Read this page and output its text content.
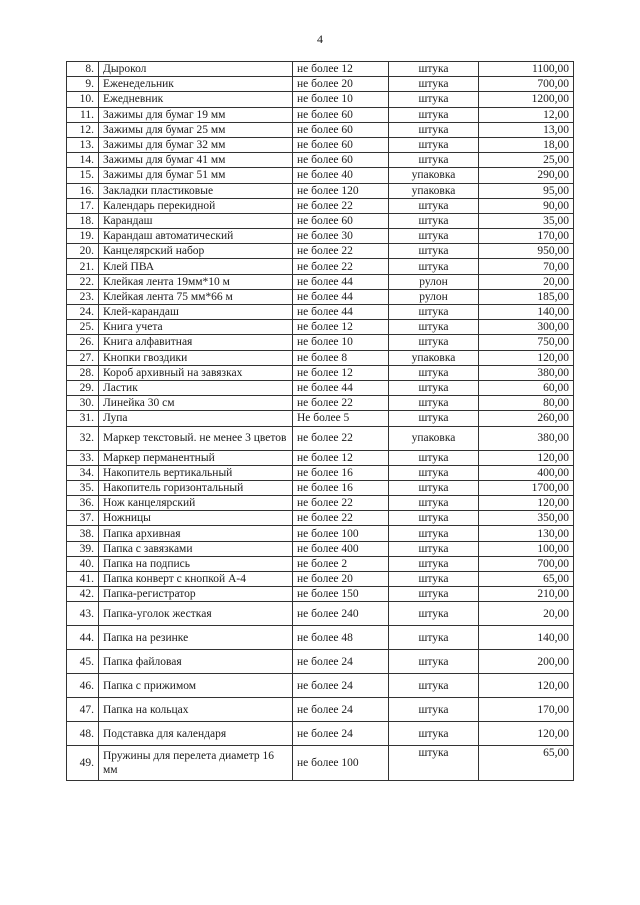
4
8.	Дырокол	не более 12	штука	1100,00
9.	Еженедельник	не более 20	штука	700,00
10.	Ежедневник	не более 10	штука	1200,00
11.	Зажимы для бумаг 19 мм	не более 60	штука	12,00
12.	Зажимы для бумаг 25 мм	не более 60	штука	13,00
13.	Зажимы для бумаг 32 мм	не более 60	штука	18,00
14.	Зажимы для бумаг 41 мм	не более 60	штука	25,00
15.	Зажимы для бумаг 51 мм	не более 40	упаковка	290,00
16.	Закладки пластиковые	не более 120	упаковка	95,00
17.	Календарь перекидной	не более 22	штука	90,00
18.	Карандаш	не более 60	штука	35,00
19.	Карандаш автоматический	не более 30	штука	170,00
20.	Канцелярский набор	не более 22	штука	950,00
21.	Клей ПВА	не более 22	штука	70,00
22.	Клейкая лента 19мм*10 м	не более 44	рулон	20,00
23.	Клейкая лента 75 мм*66 м	не более 44	рулон	185,00
24.	Клей-карандаш	не более 44	штука	140,00
25.	Книга учета	не более 12	штука	300,00
26.	Книга алфавитная	не более 10	штука	750,00
27.	Кнопки гвоздики	не более 8	упаковка	120,00
28.	Короб архивный на завязках	не более 12	штука	380,00
29.	Ластик	не более 44	штука	60,00
30.	Линейка 30 см	не более 22	штука	80,00
31.	Лупа	Не более 5	штука	260,00
32.	Маркер текстовый. не менее 3 цветов	не более 22	упаковка	380,00
33.	Маркер перманентный	не более 12	штука	120,00
34.	Накопитель вертикальный	не более 16	штука	400,00
35.	Накопитель горизонтальный	не более 16	штука	1700,00
36.	Нож канцелярский	не более 22	штука	120,00
37.	Ножницы	не более 22	штука	350,00
38.	Папка архивная	не более 100	штука	130,00
39.	Папка с завязками	не более 400	штука	100,00
40.	Папка на подпись	не более 2	штука	700,00
41.	Папка конверт с кнопкой А-4	не более 20	штука	65,00
42.	Папка-регистратор	не более 150	штука	210,00
43.	Папка-уголок жесткая	не более 240	штука	20,00
44.	Папка на резинке	не более 48	штука	140,00
45.	Папка файловая	не более 24	штука	200,00
46.	Папка с прижимом	не более 24	штука	120,00
47.	Папка на кольцах	не более 24	штука	170,00
48.	Подставка для календаря	не более 24	штука	120,00
49.	Пружины для перелета диаметр 16 мм	не более 100	штука	65,00
